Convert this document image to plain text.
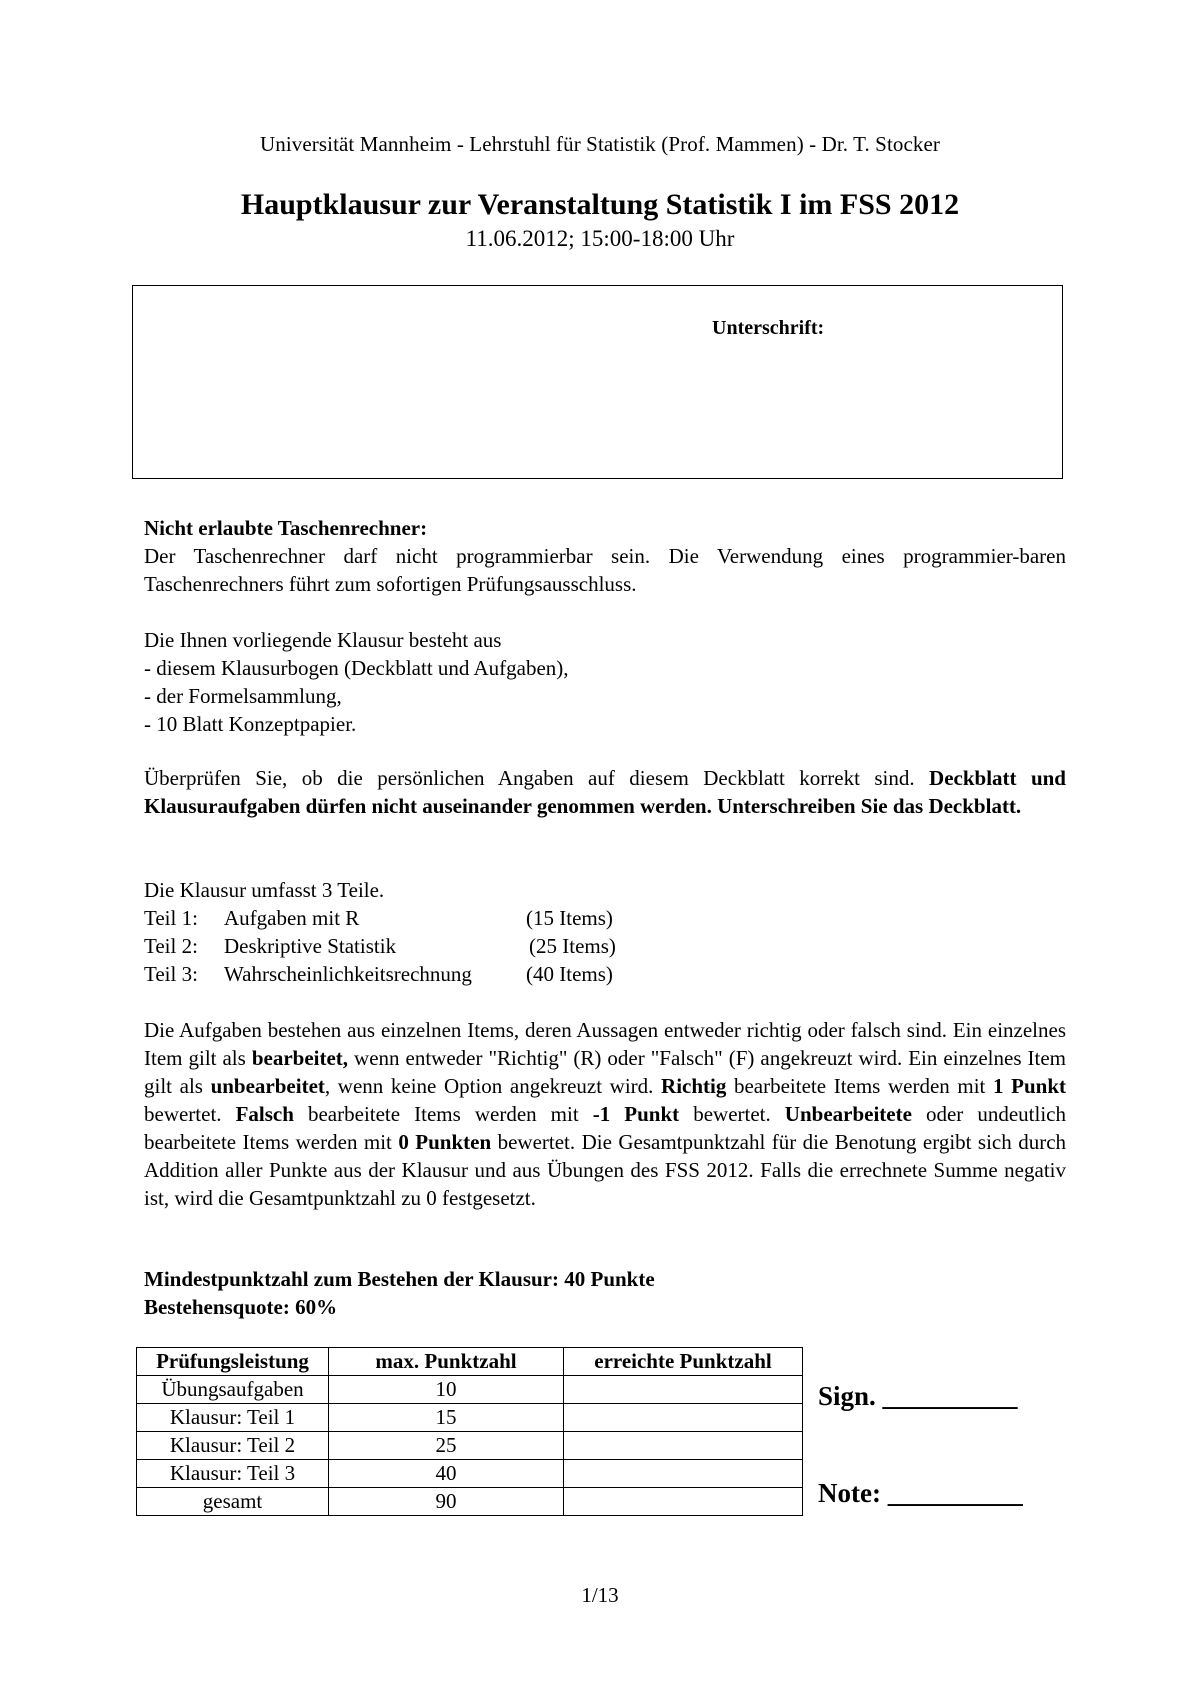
Universität Mannheim - Lehrstuhl für Statistik (Prof. Mammen) - Dr. T. Stocker
Hauptklausur zur Veranstaltung Statistik I im FSS 2012
11.06.2012; 15:00-18:00 Uhr
Unterschrift:
Nicht erlaubte Taschenrechner:
Der Taschenrechner darf nicht programmierbar sein. Die Verwendung eines programmier-baren Taschenrechners führt zum sofortigen Prüfungsausschluss.
Die Ihnen vorliegende Klausur besteht aus
- diesem Klausurbogen (Deckblatt und Aufgaben),
- der Formelsammlung,
- 10 Blatt Konzeptpapier.
Überprüfen Sie, ob die persönlichen Angaben auf diesem Deckblatt korrekt sind. Deckblatt und Klausuraufgaben dürfen nicht auseinander genommen werden. Unterschreiben Sie das Deckblatt.
Die Klausur umfasst 3 Teile.
Teil 1: Aufgaben mit R	(15 Items)
Teil 2: Deskriptive Statistik	(25 Items)
Teil 3: Wahrscheinlichkeitsrechnung	(40 Items)
Die Aufgaben bestehen aus einzelnen Items, deren Aussagen entweder richtig oder falsch sind. Ein einzelnes Item gilt als bearbeitet, wenn entweder "Richtig" (R) oder "Falsch" (F) angekreuzt wird. Ein einzelnes Item gilt als unbearbeitet, wenn keine Option angekreuzt wird. Richtig bearbeitete Items werden mit 1 Punkt bewertet. Falsch bearbeitete Items werden mit -1 Punkt bewertet. Unbearbeitete oder undeutlich bearbeitete Items werden mit 0 Punkten bewertet. Die Gesamtpunktzahl für die Benotung ergibt sich durch Addition aller Punkte aus der Klausur und aus Übungen des FSS 2012. Falls die errechnete Summe negativ ist, wird die Gesamtpunktzahl zu 0 festgesetzt.
Mindestpunktzahl zum Bestehen der Klausur: 40 Punkte
Bestehensquote: 60%
Prüfungsleistung	max. Punktzahl	erreichte Punktzahl
Übungsaufgaben	10	
Klausur: Teil 1	15	
Klausur: Teil 2	25	
Klausur: Teil 3	40	
gesamt	90	
Sign. __________
Note: __________
1/13
